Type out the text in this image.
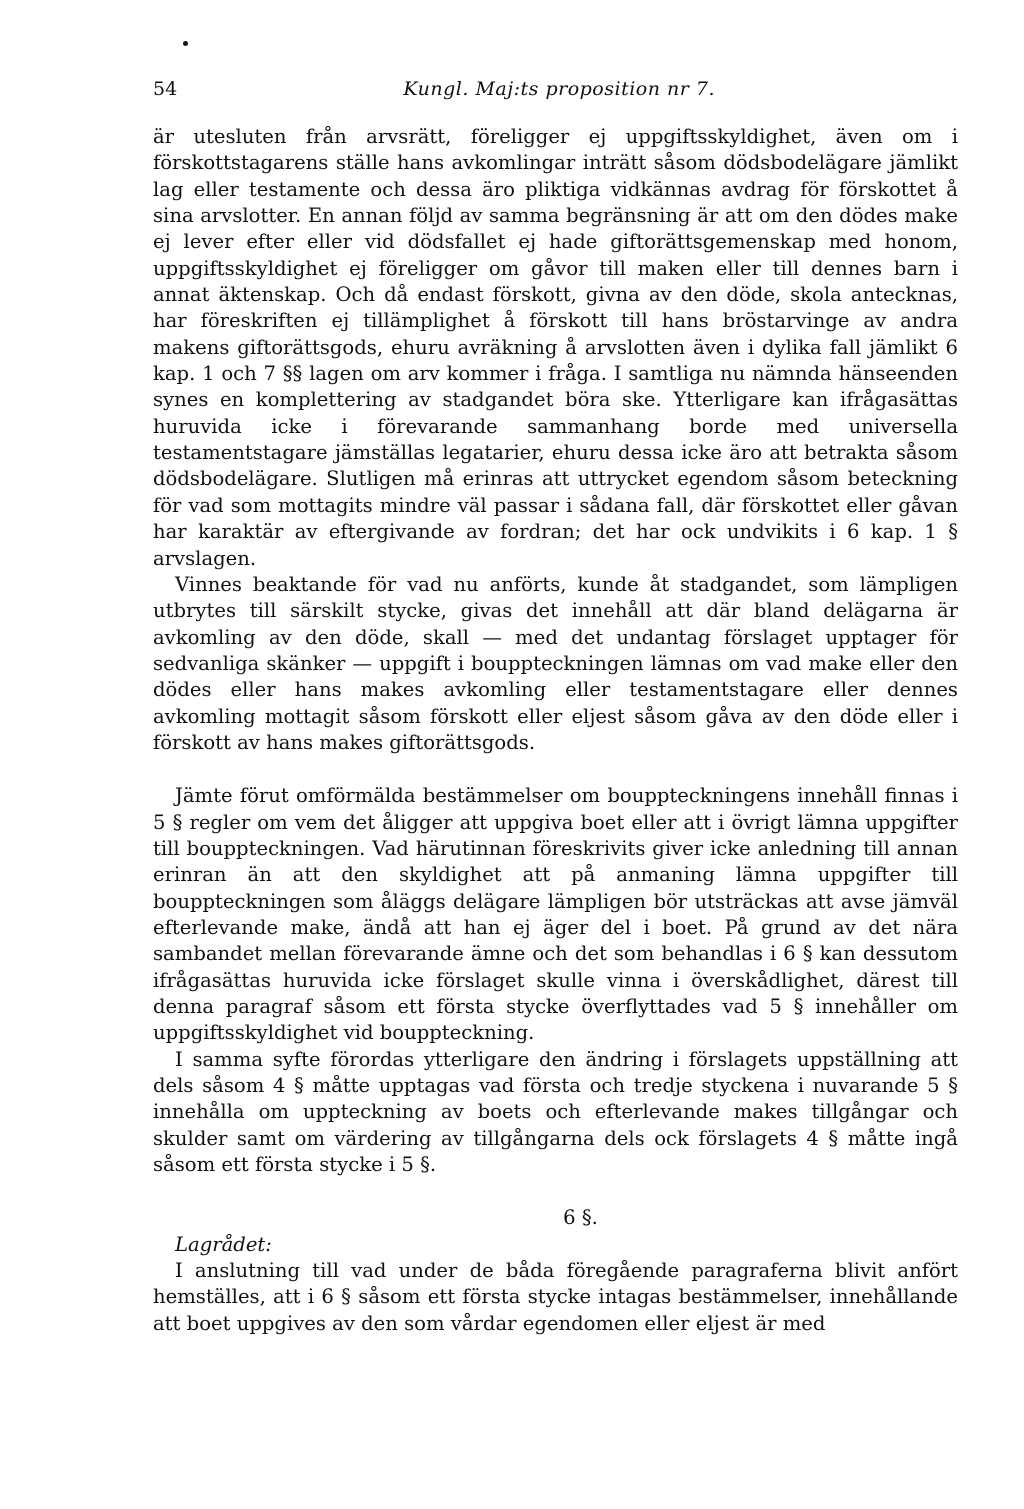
54	Kungl. Maj:ts proposition nr 7.

är utesluten från arvsrätt, föreligger ej uppgiftsskyldighet, även om i förskottstagarens ställe hans avkomlingar inträtt såsom dödsbodelägare jämlikt lag eller testamente och dessa äro pliktiga vidkännas avdrag för förskottet å sina arvslotter. En annan följd av samma begränsning är att om den dödes make ej lever efter eller vid dödsfallet ej hade giftorättsgemenskap med honom, uppgiftsskyldighet ej föreligger om gåvor till maken eller till dennes barn i annat äktenskap. Och då endast förskott, givna av den döde, skola antecknas, har föreskriften ej tillämplighet å förskott till hans bröstarvinge av andra makens giftorättsgods, ehuru avräkning å arvslotten även i dylika fall jämlikt 6 kap. 1 och 7 §§ lagen om arv kommer i fråga. I samtliga nu nämnda hänseenden synes en komplettering av stadgandet böra ske. Ytterligare kan ifrågasättas huruvida icke i förevarande sammanhang borde med universella testamentstagare jämställas legatarier, ehuru dessa icke äro att betrakta såsom dödsbodelägare. Slutligen må erinras att uttrycket egendom såsom beteckning för vad som mottagits mindre väl passar i sådana fall, där förskottet eller gåvan har karaktär av eftergivande av fordran; det har ock undvikits i 6 kap. 1 § arvslagen.

Vinnes beaktande för vad nu anförts, kunde åt stadgandet, som lämpligen utbrytes till särskilt stycke, givas det innehåll att där bland delägarna är avkomling av den döde, skall — med det undantag förslaget upptager för sedvanliga skänker — uppgift i bouppteckningen lämnas om vad make eller den dödes eller hans makes avkomling eller testamentstagare eller dennes avkomling mottagit såsom förskott eller eljest såsom gåva av den döde eller i förskott av hans makes giftorättsgods.

Jämte förut omförmälda bestämmelser om bouppteckningens innehåll finnas i 5 § regler om vem det åligger att uppgiva boet eller att i övrigt lämna uppgifter till bouppteckningen. Vad härutinnan föreskrivits giver icke anledning till annan erinran än att den skyldighet att på anmaning lämna uppgifter till bouppteckningen som åläggs delägare lämpligen bör utsträckas att avse jämväl efterlevande make, ändå att han ej äger del i boet. På grund av det nära sambandet mellan förevarande ämne och det som behandlas i 6 § kan dessutom ifrågasättas huruvida icke förslaget skulle vinna i överskådlighet, därest till denna paragraf såsom ett första stycke överflyttades vad 5 § innehåller om uppgiftsskyldighet vid bouppteckning.

I samma syfte förordas ytterligare den ändring i förslagets uppställning att dels såsom 4 § måtte upptagas vad första och tredje styckena i nuvarande 5 § innehålla om uppteckning av boets och efterlevande makes tillgångar och skulder samt om värdering av tillgångarna dels ock förslagets 4 § måtte ingå såsom ett första stycke i 5 §.

6 §.

Lagrådet:

I anslutning till vad under de båda föregående paragraferna blivit anfört hemställes, att i 6 § såsom ett första stycke intagas bestämmelser, innehållande att boet uppgives av den som vårdar egendomen eller eljest är med
